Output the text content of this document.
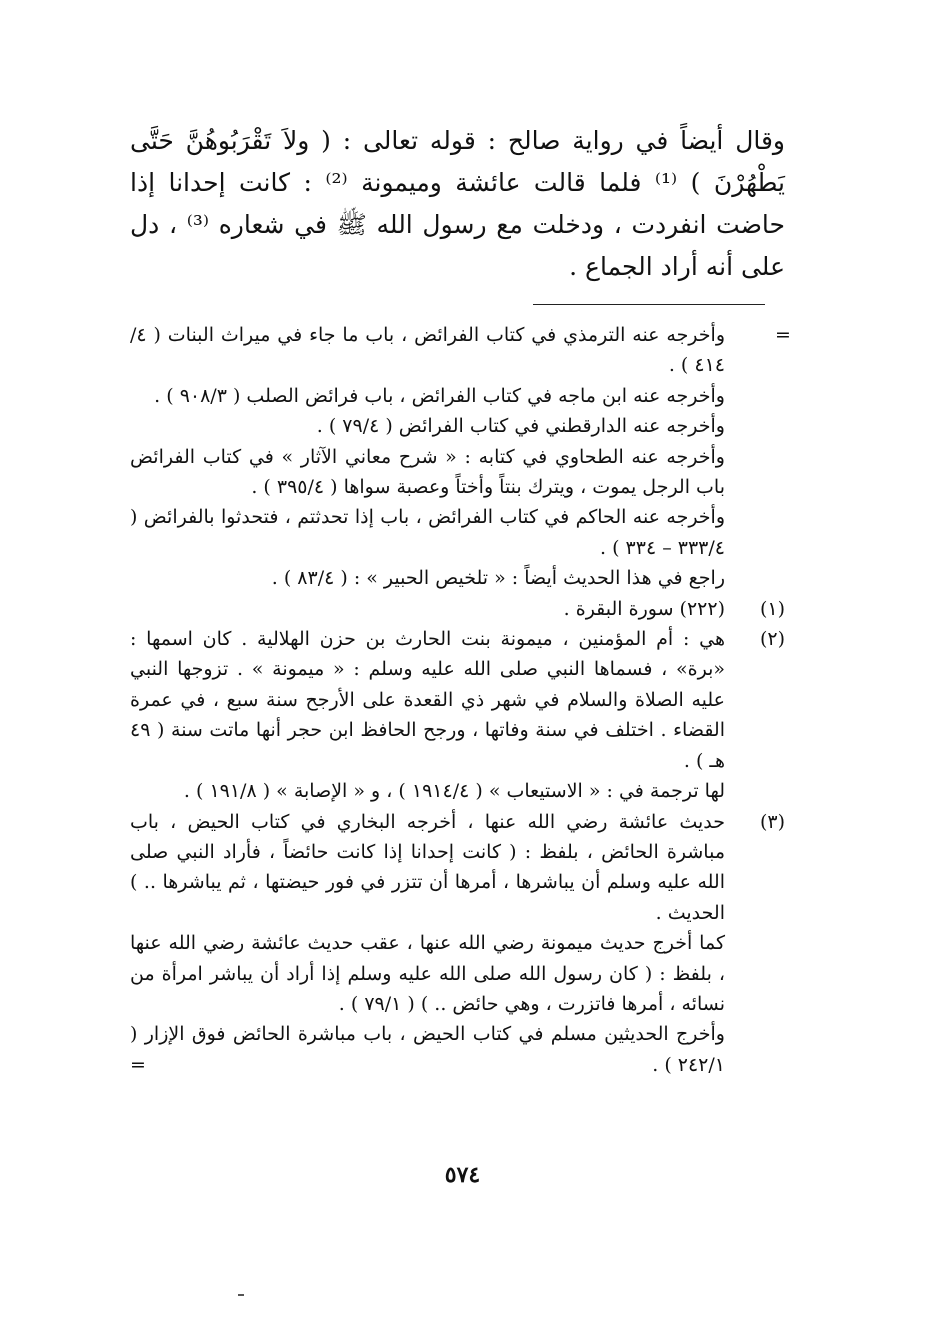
وقال أيضاً في رواية صالح : قوله تعالى : ( ولاَ تَقْرَبُوهُنَّ حَتَّى يَطْهُرْنَ ) ⁽¹⁾ فلما قالت عائشة وميمونة ⁽²⁾ : كانت إحدانا إذا حاضت انفردت ، ودخلت مع رسول الله ﷺ في شعاره ⁽³⁾ ، دل على أنه أراد الجماع .

=

وأخرجه عنه الترمذي في كتاب الفرائض ، باب ما جاء في ميراث البنات ( ٤/ ٤١٤ ) .

وأخرجه عنه ابن ماجه في كتاب الفرائض ، باب فرائض الصلب ( ٩٠٨/٣ ) .

وأخرجه عنه الدارقطني في كتاب الفرائض ( ٧٩/٤ ) .

وأخرجه عنه الطحاوي في كتابه : « شرح معاني الآثار » في كتاب الفرائض باب الرجل يموت ، ويترك بنتاً وأختاً وعصبة سواها ( ٣٩٥/٤ ) .

وأخرجه عنه الحاكم في كتاب الفرائض ، باب إذا تحدثتم ، فتحدثوا بالفرائض ( ٣٣٣/٤ – ٣٣٤ ) .

راجع في هذا الحديث أيضاً : « تلخيص الحبير » : ( ٨٣/٤ ) .

(١)

(٢٢٢) سورة البقرة .

(٢)

هي : أم المؤمنين ، ميمونة بنت الحارث بن حزن الهلالية . كان اسمها : «برة» ، فسماها النبي صلى الله عليه وسلم : « ميمونة » . تزوجها النبي عليه الصلاة والسلام في شهر ذي القعدة على الأرجح سنة سبع ، في عمرة القضاء . اختلف في سنة وفاتها ، ورجح الحافظ ابن حجر أنها ماتت سنة ( ٤٩ هـ ) .

لها ترجمة في : « الاستيعاب » ( ١٩١٤/٤ ) ، و « الإصابة » ( ١٩١/٨ ) .

(٣)

حديث عائشة رضي الله عنها ، أخرجه البخاري في كتاب الحيض ، باب مباشرة الحائض ، بلفظ : ( كانت إحدانا إذا كانت حائضاً ، فأراد النبي صلى الله عليه وسلم أن يباشرها ، أمرها أن تتزر في فور حيضتها ، ثم يباشرها .. ) الحديث .

كما أخرج حديث ميمونة رضي الله عنها ، عقب حديث عائشة رضي الله عنها ، بلفظ : ( كان رسول الله صلى الله عليه وسلم إذا أراد أن يباشر امرأة من نسائه ، أمرها فاتزرت ، وهي حائض .. ) ( ٧٩/١ ) .

وأخرج الحديثين مسلم في كتاب الحيض ، باب مباشرة الحائض فوق الإزار ( ٢٤٢/١ ) .

=
٥٧٤
